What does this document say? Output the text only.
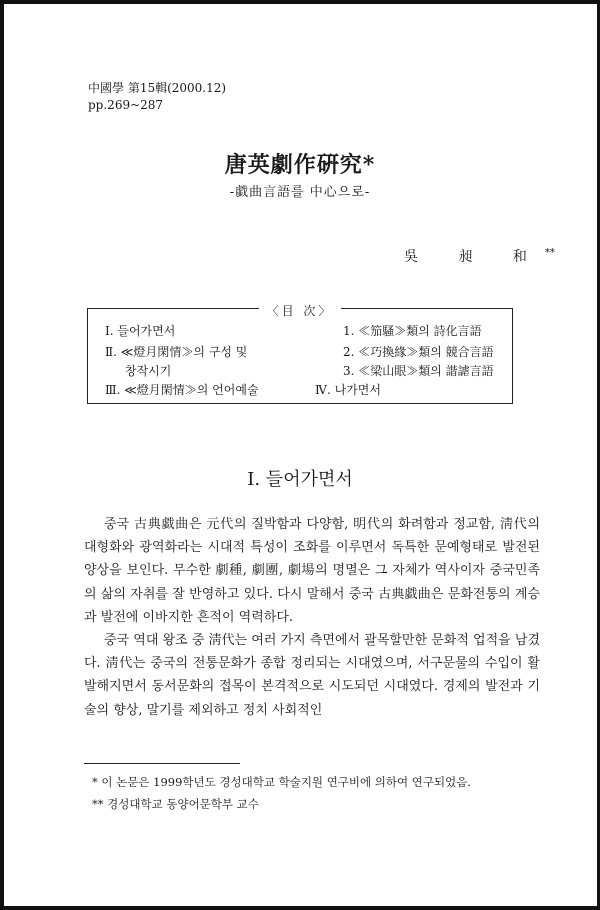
中國學 第15輯(2000.12)
pp.269~287
唐英劇作硏究*
-戱曲言語를 中心으로-
吳 昶 和**
〈目 次〉
Ⅰ. 들어가면서
Ⅱ. ≪燈月閑情≫의 구성 및
창작시기
Ⅲ. ≪燈月閑情≫의 언어예술
1. ≪笳騷≫類의 詩化言語
2. ≪巧換緣≫類의 競合言語
3. ≪梁山眼≫類의 諧謔言語
Ⅳ. 나가면서
Ⅰ. 들어가면서

중국 古典戱曲은 元代의 질박함과 다양함, 明代의 화려함과 정교함, 淸代의 대형화와 광역화라는 시대적 특성이 조화를 이루면서 독특한 문예형태로 발전된 양상을 보인다. 무수한 劇種, 劇團, 劇場의 명멸은 그 자체가 역사이자 중국민족의 삶의 자취를 잘 반영하고 있다. 다시 말해서 중국 古典戱曲은 문화전통의 계승과 발전에 이바지한 흔적이 역력하다.

중국 역대 왕조 중 淸代는 여러 가지 측면에서 괄목할만한 문화적 업적을 남겼다. 淸代는 중국의 전통문화가 종합 정리되는 시대였으며, 서구문물의 수입이 활발해지면서 동서문화의 접목이 본격적으로 시도되던 시대였다. 경제의 발전과 기술의 향상, 말기를 제외하고 정치 사회적인

* 이 논문은 1999학년도 경성대학교 학술지원 연구비에 의하여 연구되었음.
** 경성대학교 동양어문학부 교수
